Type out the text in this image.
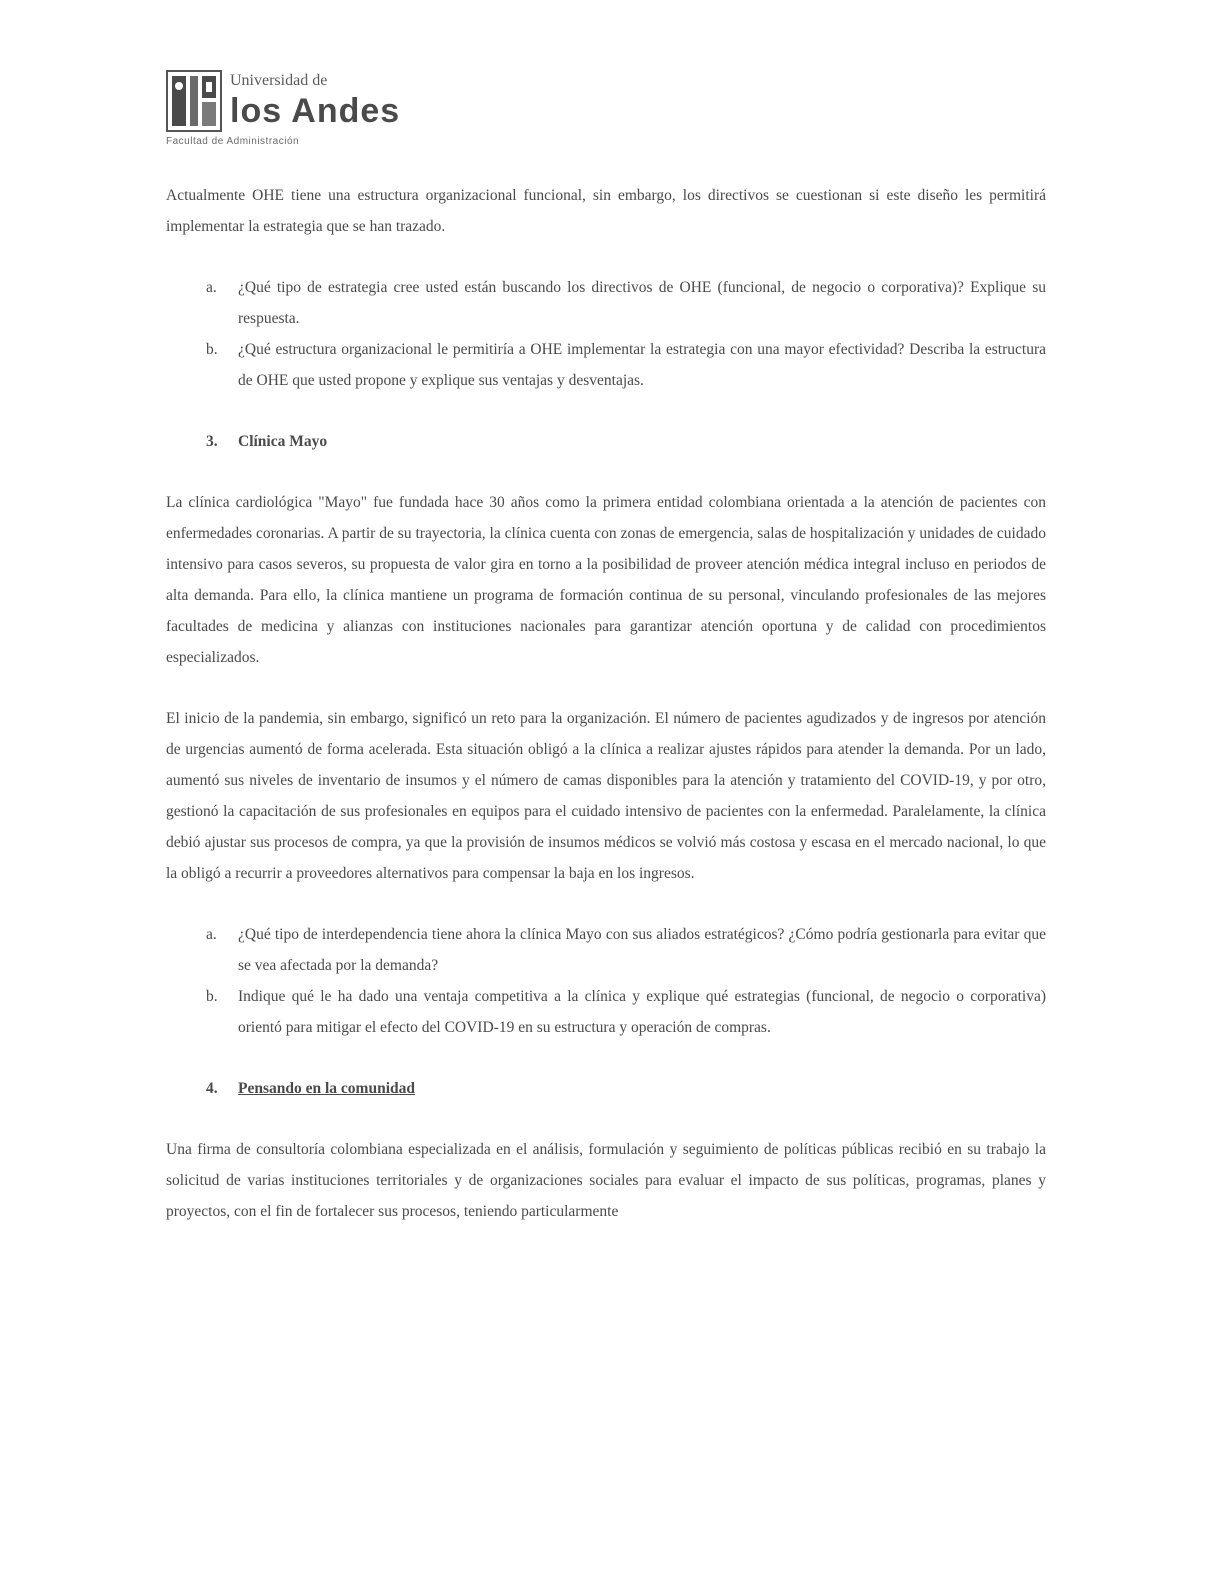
Universidad de
los Andes
Facultad de Administración

Actualmente OHE tiene una estructura organizacional funcional, sin embargo, los directivos se cuestionan si este diseño les permitirá implementar la estrategia que se han trazado.

a. ¿Qué tipo de estrategia cree usted están buscando los directivos de OHE (funcional, de negocio o corporativa)? Explique su respuesta.
b. ¿Qué estructura organizacional le permitiría a OHE implementar la estrategia con una mayor efectividad? Describa la estructura de OHE que usted propone y explique sus ventajas y desventajas.
3. Clínica Mayo

La clínica cardiológica "Mayo" fue fundada hace 30 años como la primera entidad colombiana orientada a la atención de pacientes con enfermedades coronarias. A partir de su trayectoria, la clínica cuenta con zonas de emergencia, salas de hospitalización y unidades de cuidado intensivo para casos severos, su propuesta de valor gira en torno a la posibilidad de proveer atención médica integral incluso en periodos de alta demanda. Para ello, la clínica mantiene un programa de formación continua de su personal, vinculando profesionales de las mejores facultades de medicina y alianzas con instituciones nacionales para garantizar atención oportuna y de calidad con procedimientos especializados.

El inicio de la pandemia, sin embargo, significó un reto para la organización. El número de pacientes agudizados y de ingresos por atención de urgencias aumentó de forma acelerada. Esta situación obligó a la clínica a realizar ajustes rápidos para atender la demanda. Por un lado, aumentó sus niveles de inventario de insumos y el número de camas disponibles para la atención y tratamiento del COVID-19, y por otro, gestionó la capacitación de sus profesionales en equipos para el cuidado intensivo de pacientes con la enfermedad. Paralelamente, la clínica debió ajustar sus procesos de compra, ya que la provisión de insumos médicos se volvió más costosa y escasa en el mercado nacional, lo que la obligó a recurrir a proveedores alternativos para compensar la baja en los ingresos.

a. ¿Qué tipo de interdependencia tiene ahora la clínica Mayo con sus aliados estratégicos? ¿Cómo podría gestionarla para evitar que se vea afectada por la demanda?
b. Indique qué le ha dado una ventaja competitiva a la clínica y explique qué estrategias (funcional, de negocio o corporativa) orientó para mitigar el efecto del COVID-19 en su estructura y operación de compras.
4. Pensando en la comunidad

Una firma de consultoría colombiana especializada en el análisis, formulación y seguimiento de políticas públicas recibió en su trabajo la solicitud de varias instituciones territoriales y de organizaciones sociales para evaluar el impacto de sus políticas, programas, planes y proyectos, con el fin de fortalecer sus procesos, teniendo particularmente
